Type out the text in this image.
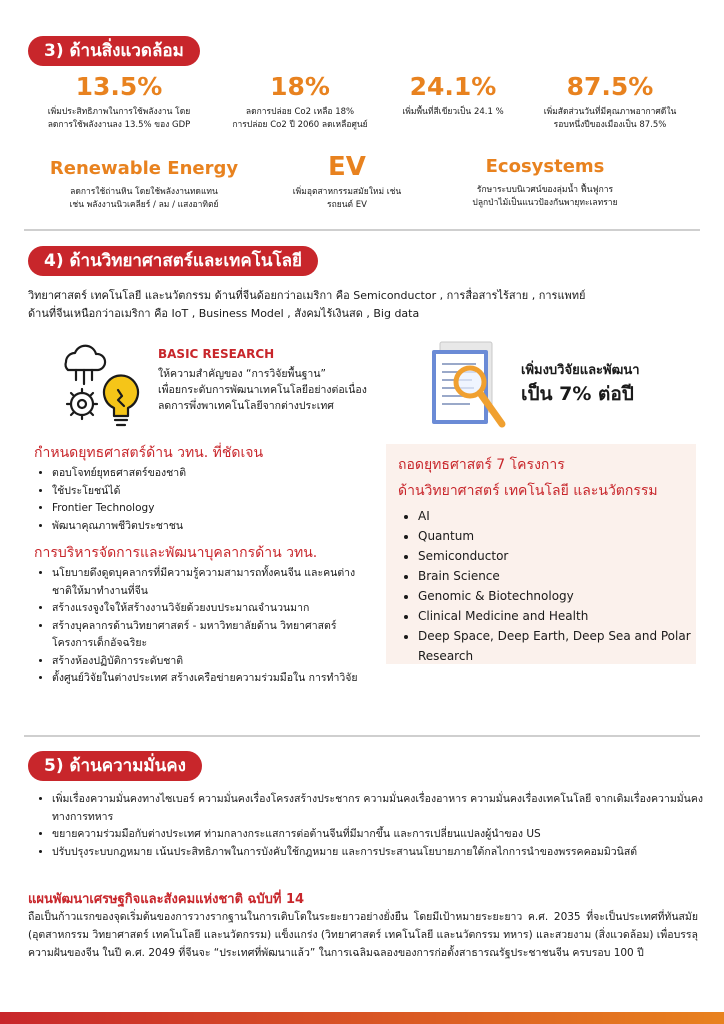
3) ด้านสิ่งแวดล้อม
13.5%
เพิ่มประสิทธิภาพในการใช้พลังงาน โดย
ลดการใช้พลังงานลง 13.5% ของ GDP
18%
ลดการปล่อย Co2 เหลือ 18%
การปล่อย Co2 ปี 2060 ลดเหลือศูนย์
24.1%
เพิ่มพื้นที่สีเขียวเป็น 24.1 %
87.5%
เพิ่มสัดส่วนวันที่มีคุณภาพอากาศดีใน
รอบหนึ่งปีของเมืองเป็น 87.5%
Renewable Energy
ลดการใช้ถ่านหิน โดยใช้พลังงานทดแทน
เช่น พลังงานนิวเคลียร์ / ลม / แสงอาทิตย์
EV
เพิ่มอุตสาหกรรมสมัยใหม่ เช่น
รถยนต์ EV
Ecosystems
รักษาระบบนิเวศน์ของลุ่มน้ำ ฟื้นฟูการ
ปลูกป่าไม้เป็นแนวป้องกันพายุทะเลทราย
4) ด้านวิทยาศาสตร์และเทคโนโลยี
วิทยาศาสตร์ เทคโนโลยี และนวัตกรรม ด้านที่จีนด้อยกว่าอเมริกา คือ Semiconductor , การสื่อสารไร้สาย , การแพทย์
ด้านที่จีนเหนือกว่าอเมริกา คือ IoT , Business Model , สังคมไร้เงินสด , Big data
BASIC RESEARCH
ให้ความสำคัญของ “การวิจัยพื้นฐาน”
เพื่อยกระดับการพัฒนาเทคโนโลยีอย่างต่อเนื่อง
ลดการพึ่งพาเทคโนโลยีจากต่างประเทศ
เพิ่มงบวิจัยและพัฒนา
เป็น 7% ต่อปี
กำหนดยุทธศาสตร์ด้าน วทน. ที่ชัดเจน
• ตอบโจทย์ยุทธศาสตร์ของชาติ
• ใช้ประโยชน์ได้
• Frontier Technology
• พัฒนาคุณภาพชีวิตประชาชน
การบริหารจัดการและพัฒนาบุคลากรด้าน วทน.
• นโยบายดึงดูดบุคลากรที่มีความรู้ความสามารถทั้งคนจีน และคนต่างชาติให้มาทำงานที่จีน
• สร้างแรงจูงใจให้สร้างงานวิจัยด้วยงบประมาณจำนวนมาก
• สร้างบุคลากรด้านวิทยาศาสตร์ - มหาวิทยาลัยด้าน วิทยาศาสตร์ โครงการเด็กอัจฉริยะ
• สร้างห้องปฏิบัติการระดับชาติ
• ตั้งศูนย์วิจัยในต่างประเทศ สร้างเครือข่ายความร่วมมือใน การทำวิจัย
ถอดยุทธศาสตร์ 7 โครงการ
ด้านวิทยาศาสตร์ เทคโนโลยี และนวัตกรรม
• AI
• Quantum
• Semiconductor
• Brain Science
• Genomic & Biotechnology
• Clinical Medicine and Health
• Deep Space, Deep Earth, Deep Sea and Polar Research
5) ด้านความมั่นคง
• เพิ่มเรื่องความมั่นคงทางไซเบอร์ ความมั่นคงเรื่องโครงสร้างประชากร ความมั่นคงเรื่องอาหาร ความมั่นคงเรื่องเทคโนโลยี จากเดิมเรื่องความมั่นคงทางการทหาร
• ขยายความร่วมมือกับต่างประเทศ ท่ามกลางกระแสการต่อต้านจีนที่มีมากขึ้น และการเปลี่ยนแปลงผู้นำของ US
• ปรับปรุงระบบกฎหมาย เน้นประสิทธิภาพในการบังคับใช้กฎหมาย และการประสานนโยบายภายใต้กลไกการนำของพรรคคอมมิวนิสต์
แผนพัฒนาเศรษฐกิจและสังคมแห่งชาติ ฉบับที่ 14
ถือเป็นก้าวแรกของจุดเริ่มต้นของการวางรากฐานในการเติบโตในระยะยาวอย่างยั่งยืน โดยมีเป้าหมายระยะยาว ค.ศ. 2035 ที่จะเป็นประเทศที่ทันสมัย (อุตสาหกรรม วิทยาศาสตร์ เทคโนโลยี และนวัตกรรม) แข็งแกร่ง (วิทยาศาสตร์ เทคโนโลยี และนวัตกรรม ทหาร) และสวยงาม (สิ่งแวดล้อม) เพื่อบรรลุความฝันของจีน ในปี ค.ศ. 2049 ที่จีนจะ “ประเทศที่พัฒนาแล้ว” ในการเฉลิมฉลองของการก่อตั้งสาธารณรัฐประชาชนจีน ครบรอบ 100 ปี
